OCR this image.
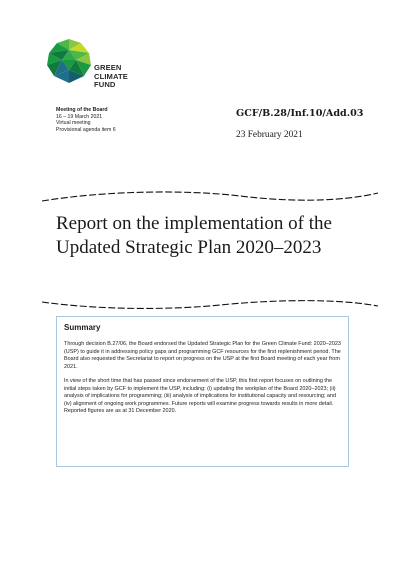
GREEN
CLIMATE
FUND
Meeting of the Board
16 – 19 March 2021
Virtual meeting
Provisional agenda item 6
GCF/B.28/Inf.10/Add.03
23 February 2021
Report on the implementation of the
Updated Strategic Plan 2020–2023
Summary

Through decision B.27/06, the Board endorsed the Updated Strategic Plan for the Green Climate Fund: 2020–2023 (USP) to guide it in addressing policy gaps and programming GCF resources for the first replenishment period. The Board also requested the Secretariat to report on progress on the USP at the first Board meeting of each year from 2021.

In view of the short time that has passed since endorsement of the USP, this first report focuses on outlining the initial steps taken by GCF to implement the USP, including: (i) updating the workplan of the Board 2020–2023; (ii) analysis of implications for programming; (iii) analysis of implications for institutional capacity and resourcing; and (iv) alignment of ongoing work programmes. Future reports will examine progress towards results in more detail. Reported figures are as at 31 December 2020.
